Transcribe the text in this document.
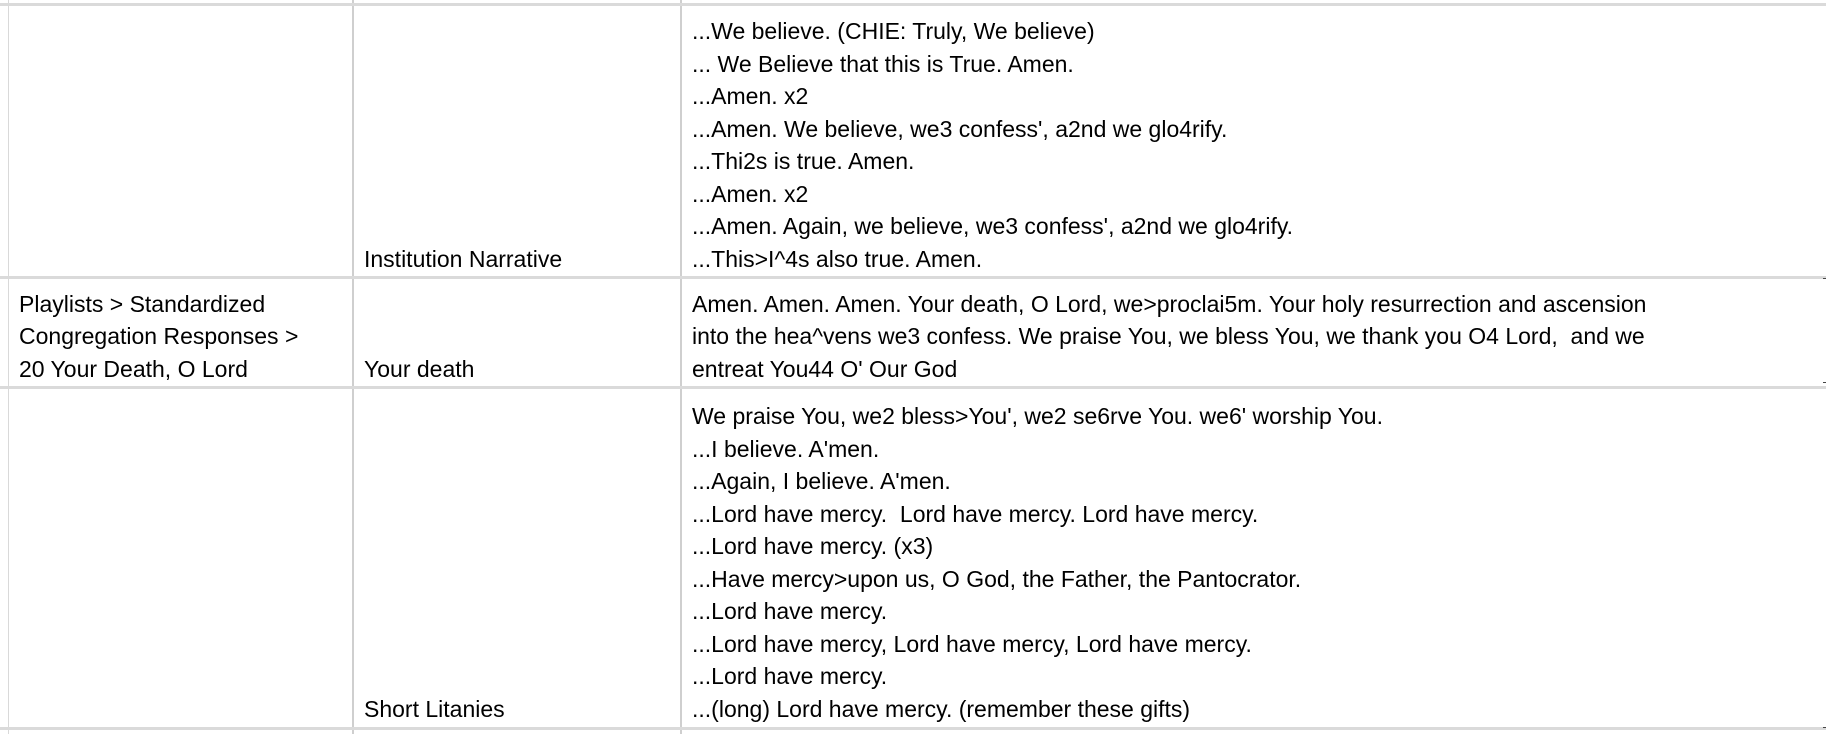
Institution Narrative
...We believe. (CHIE: Truly, We believe)
... We Believe that this is True. Amen.
...Amen. x2
...Amen. We believe, we3 confess', a2nd we glo4rify.
...Thi2s is true. Amen.
...Amen. x2
...Amen. Again, we believe, we3 confess', a2nd we glo4rify.
...This>I^4s also true. Amen.
Playlists > Standardized
Congregation Responses >
20 Your Death, O Lord	Your death
Amen. Amen. Amen. Your death, O Lord, we>proclai5m. Your holy resurrection and ascension
into the hea^vens we3 confess. We praise You, we bless You, we thank you O4 Lord,  and we
entreat You44 O' Our God
Short Litanies
We praise You, we2 bless>You', we2 se6rve You. we6' worship You.
...I believe. A'men.
...Again, I believe. A'men.
...Lord have mercy.  Lord have mercy. Lord have mercy.
...Lord have mercy. (x3)
...Have mercy>upon us, O God, the Father, the Pantocrator.
...Lord have mercy.
...Lord have mercy, Lord have mercy, Lord have mercy.
...Lord have mercy.
...(long) Lord have mercy. (remember these gifts)
